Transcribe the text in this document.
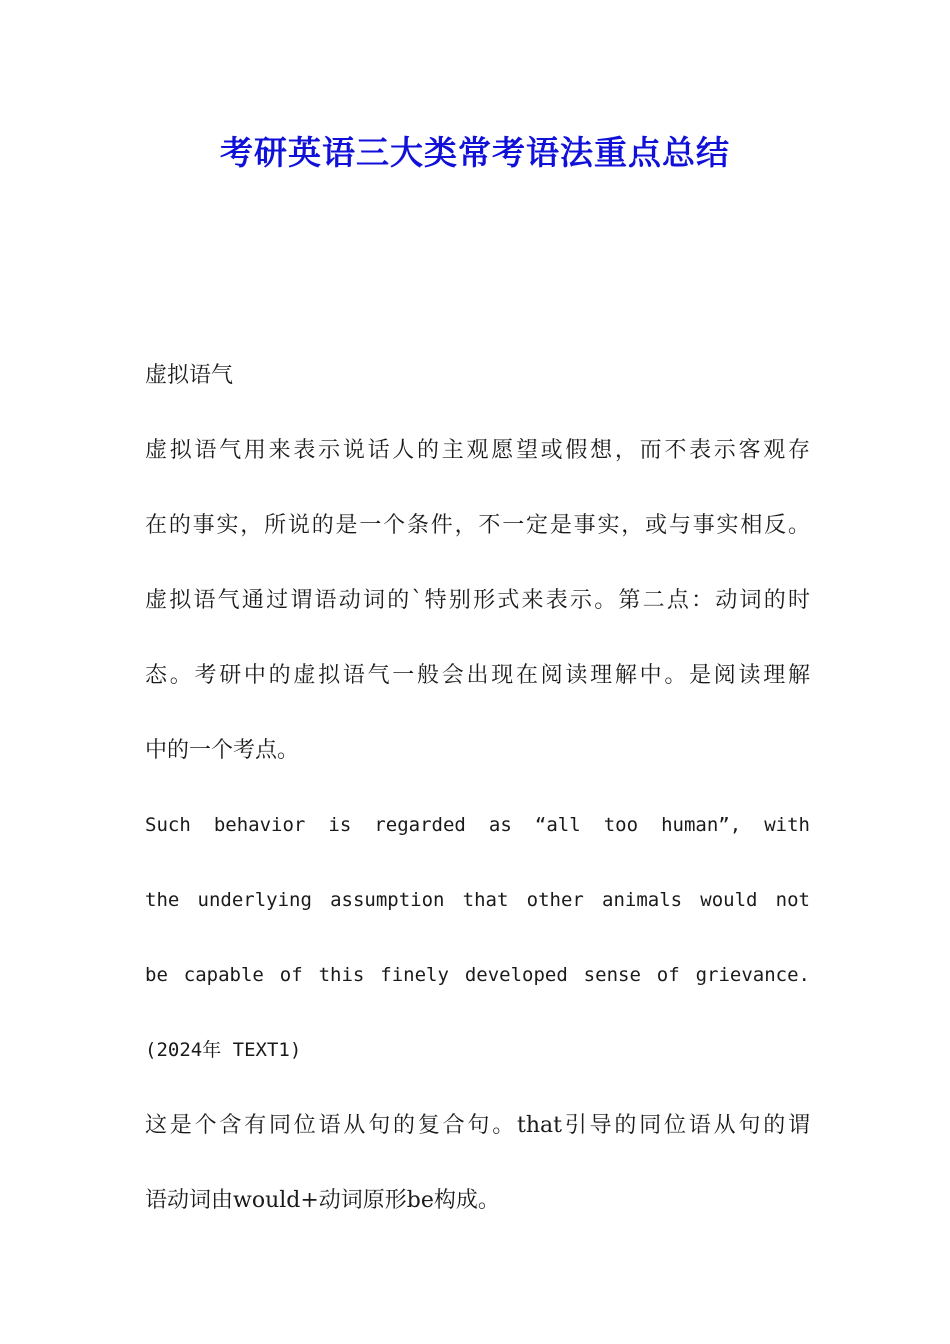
考研英语三大类常考语法重点总结
虚拟语气
虚拟语气用来表示说话人的主观愿望或假想，而不表示客观存
在的事实，所说的是一个条件，不一定是事实，或与事实相反。
虚拟语气通过谓语动词的`特别形式来表示。第二点：动词的时
态。考研中的虚拟语气一般会出现在阅读理解中。是阅读理解
中的一个考点。
Such behavior is regarded as “all too human”, with
the underlying assumption that other animals would not
be capable of this finely developed sense of grievance.
(2024年 TEXT1)
这是个含有同位语从句的复合句。that引导的同位语从句的谓
语动词由would+动词原形be构成。
